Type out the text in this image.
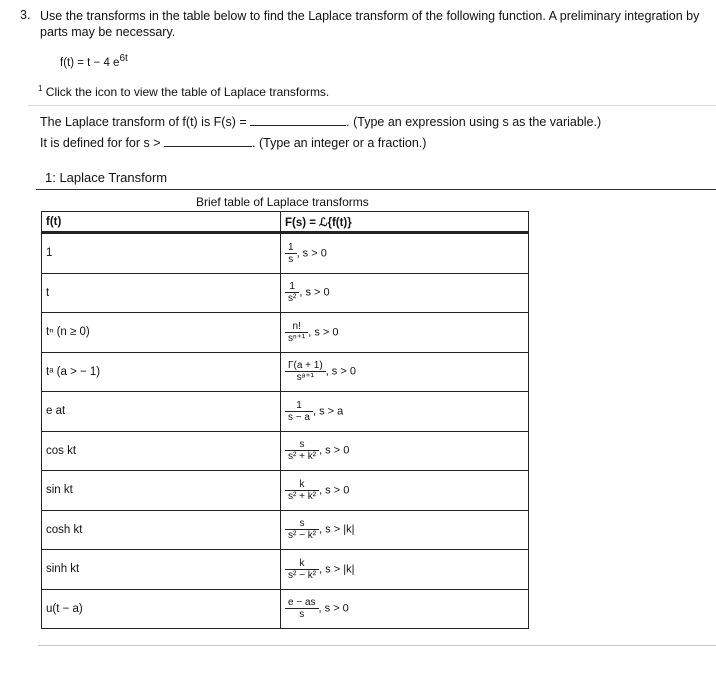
3. Use the transforms in the table below to find the Laplace transform of the following function. A preliminary integration by parts may be necessary.
f(t) = t − 4 $e^{6t}$
$^1$ Click the icon to view the table of Laplace transforms.
The Laplace transform of f(t) is F(s) =	. (Type an expression using s as the variable.)
It is defined for for s >	. (Type an integer or a fraction.)
1: Laplace Transform
Brief table of Laplace transforms
f(t)	F(s) = ℒ{f(t)}
1	$\frac{1}{s}$ , s > 0
t	$\frac{1}{\text{s²}}$ , s > 0
tⁿ (n ≥ 0)	$\frac{n!}{\text{sⁿ⁺¹}}$ , s > 0
tᵃ (a > − 1)	$\frac{\Gamma(a + 1)}{\text{sᵃ⁺¹}}$ , s > 0
e at	$\frac{1}{s - a}$ , s > a
cos kt	$\frac{s}{\text{s² + k²}}$ , s > 0
sin kt	$\frac{k}{\text{s² + k²}}$ , s > 0
cosh kt	$\frac{s}{\text{s² − k²}}$ , s > |k|
sinh kt	$\frac{k}{\text{s² − k²}}$ , s > |k|
u(t − a)	$\frac{e - as}{s}$ , s > 0
